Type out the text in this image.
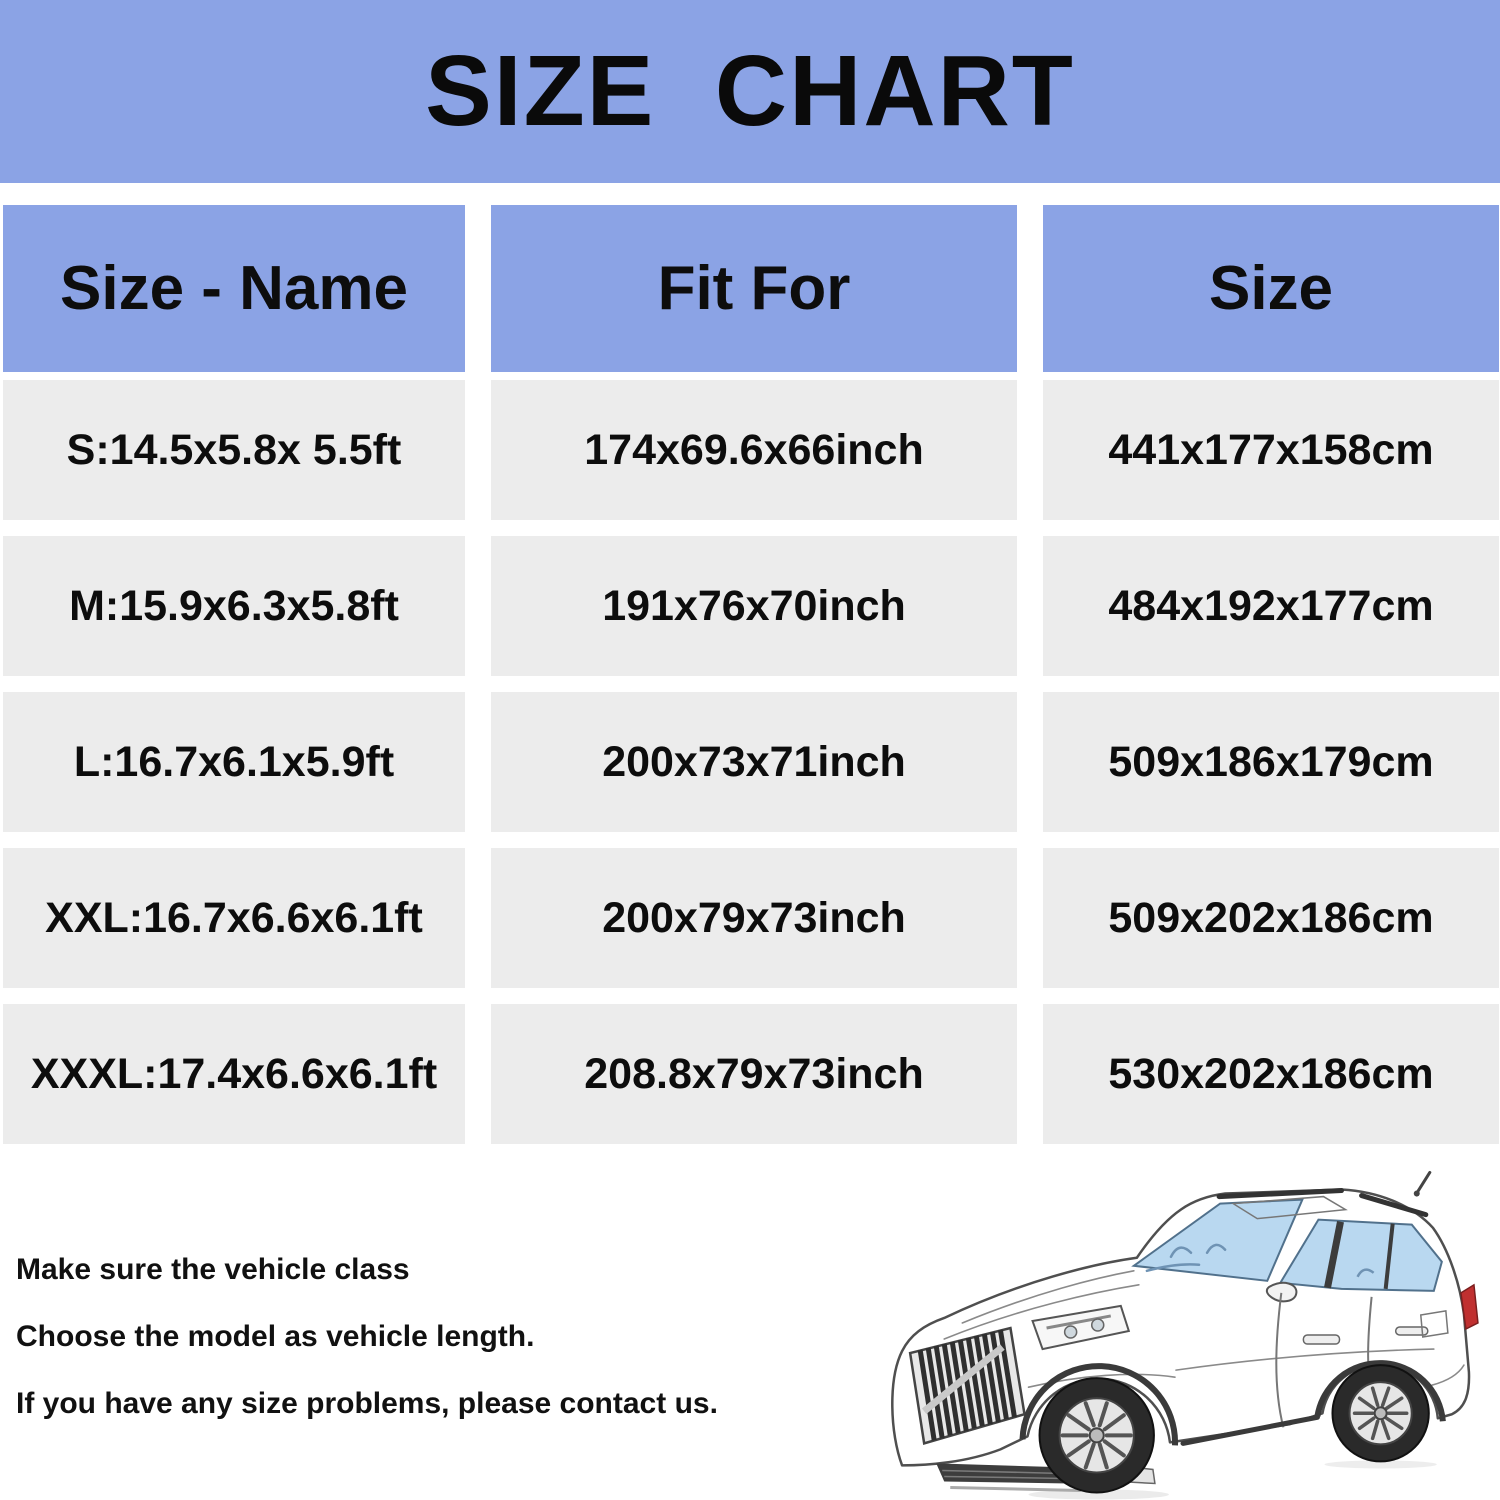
SIZE  CHART
Size - Name	Fit For	Size
S:14.5x5.8x 5.5ft	174x69.6x66inch	441x177x158cm
M:15.9x6.3x5.8ft	191x76x70inch	484x192x177cm
L:16.7x6.1x5.9ft	200x73x71inch	509x186x179cm
XXL:16.7x6.6x6.1ft	200x79x73inch	509x202x186cm
XXXL:17.4x6.6x6.1ft	208.8x79x73inch	530x202x186cm

Make sure the vehicle class

Choose the model as vehicle length.

If you have any size problems, please contact us.
